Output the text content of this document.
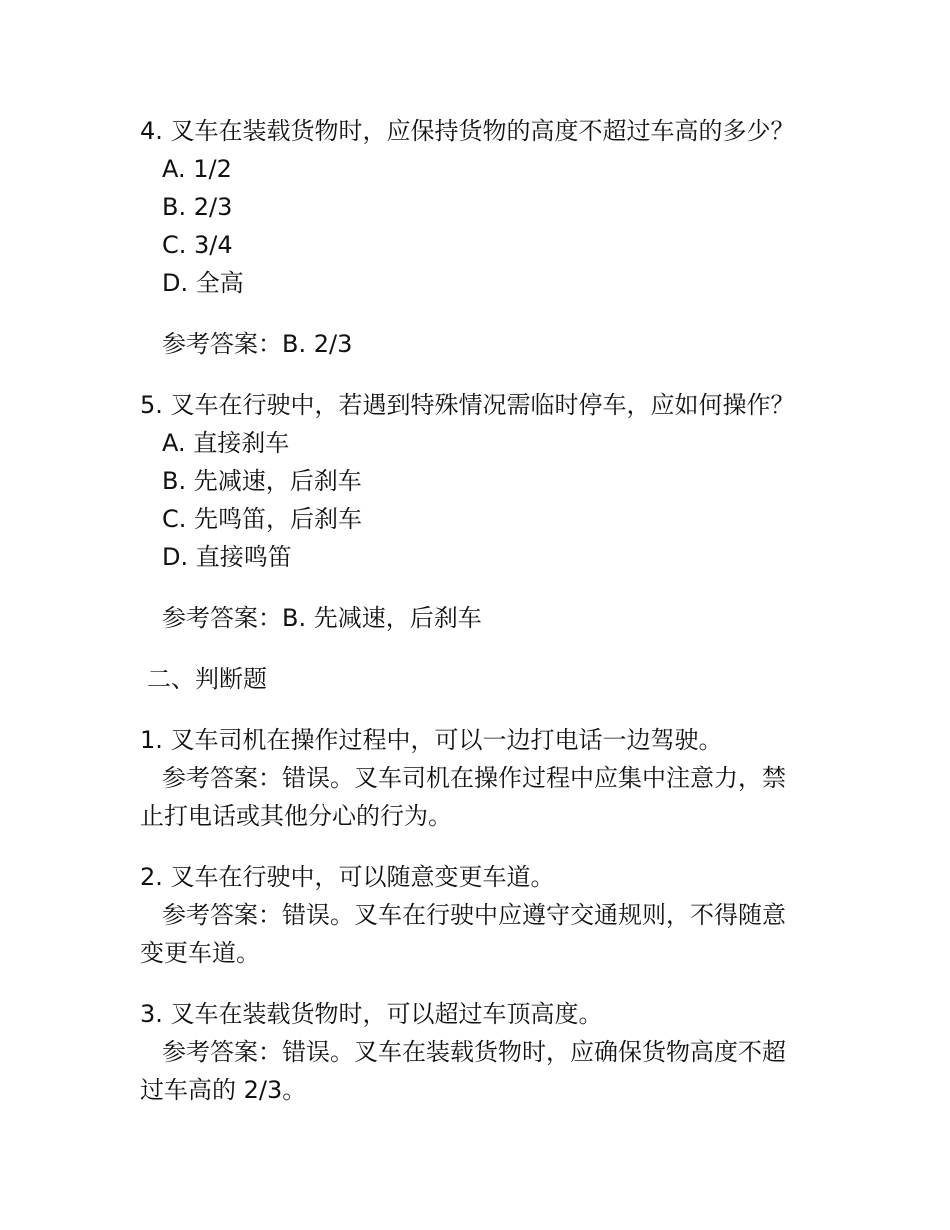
4. 叉车在装载货物时，应保持货物的高度不超过车高的多少？
A. 1/2
B. 2/3
C. 3/4
D. 全高
参考答案：B. 2/3
5. 叉车在行驶中，若遇到特殊情况需临时停车，应如何操作？
A. 直接刹车
B. 先减速，后刹车
C. 先鸣笛，后刹车
D. 直接鸣笛
参考答案：B. 先减速，后刹车
二、判断题
1. 叉车司机在操作过程中，可以一边打电话一边驾驶。
参考答案：错误。叉车司机在操作过程中应集中注意力，禁
止打电话或其他分心的行为。
2. 叉车在行驶中，可以随意变更车道。
参考答案：错误。叉车在行驶中应遵守交通规则，不得随意
变更车道。
3. 叉车在装载货物时，可以超过车顶高度。
参考答案：错误。叉车在装载货物时，应确保货物高度不超
过车高的 2/3。
